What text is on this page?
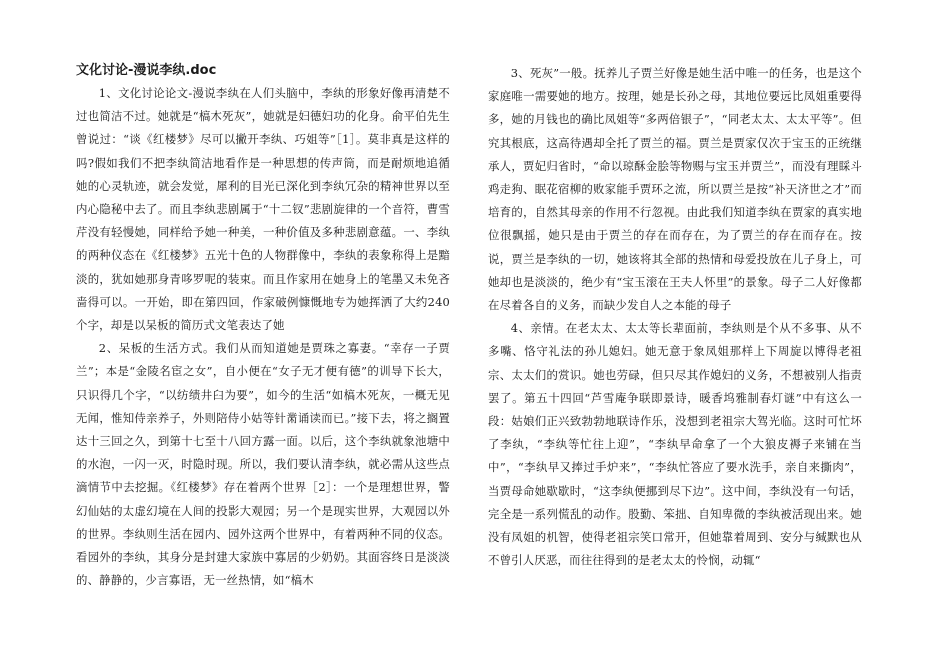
文化讨论-漫说李纨.doc

1、文化讨论论文-漫说李纨在人们头脑中，李纨的形象好像再清楚不过也简洁不过。她就是“槁木死灰”，她就是妇德妇功的化身。俞平伯先生曾说过：“谈《红楼梦》尽可以撇开李纨、巧姐等”［1］。莫非真是这样的吗?假如我们不把李纨简洁地看作是一种思想的传声筒，而是耐烦地追循她的心灵轨迹，就会发觉，犀利的目光已深化到李纨冗杂的精神世界以至内心隐秘中去了。而且李纨悲剧属于“十二钗”悲剧旋律的一个音符，曹雪芹没有轻慢她，同样给予她一种美，一种价值及多种悲剧意蕴。一、李纨的两种仪态在《红楼梦》五光十色的人物群像中，李纨的表象称得上是黯淡的，犹如她那身青哆罗呢的装束。而且作家用在她身上的笔墨又未免吝啬得可以。一开始，即在第四回，作家破例慷慨地专为她挥洒了大约240个字，却是以呆板的简历式文笔表达了她

2、呆板的生活方式。我们从而知道她是贾珠之寡妻。“幸存一子贾兰”；本是“金陵名宦之女”，自小便在“女子无才便有德”的训导下长大，只识得几个字，“以纺绩井臼为要”，如今的生活“如槁木死灰，一概无见无闻，惟知侍亲养子，外则陪侍小姑等针黹诵读而已。”接下去，将之搁置达十三回之久，到第十七至十八回方露一面。以后，这个李纨就象池塘中的水泡，一闪一灭，时隐时现。所以，我们要认清李纨，就必需从这些点滴情节中去挖掘。《红楼梦》存在着两个世界［2］：一个是理想世界，警幻仙姑的太虚幻境在人间的投影大观园；另一个是现实世界，大观园以外的世界。李纨则生活在园内、园外这两个世界中，有着两种不同的仪态。看园外的李纨，其身分是封建大家族中寡居的少奶奶。其面容终日是淡淡的、静静的，少言寡语，无一丝热情，如“槁木

3、死灰”一般。抚养儿子贾兰好像是她生活中唯一的任务，也是这个家庭唯一需要她的地方。按理，她是长孙之母，其地位要远比凤姐重要得多，她的月钱也的确比凤姐等“多两倍银子”，“同老太太、太太平等”。但究其根底，这高待遇却全托了贾兰的福。贾兰是贾家仅次于宝玉的正统继承人，贾妃归省时，“命以琼酥金脍等物赐与宝玉并贾兰”，而没有理睬斗鸡走狗、眠花宿柳的败家能手贾环之流，所以贾兰是按“补天济世之才”而培育的，自然其母亲的作用不行忽视。由此我们知道李纨在贾家的真实地位很飘摇，她只是由于贾兰的存在而存在，为了贾兰的存在而存在。按说，贾兰是李纨的一切，她该将其全部的热情和母爱投放在儿子身上，可她却也是淡淡的，绝少有“宝玉滚在王夫人怀里”的景象。母子二人好像都在尽着各自的义务，而缺少发自人之本能的母子

4、亲情。在老太太、太太等长辈面前，李纨则是个从不多事、从不多嘴、恪守礼法的孙儿媳妇。她无意于象凤姐那样上下周旋以博得老祖宗、太太们的赏识。她也劳碌，但只尽其作媳妇的义务，不想被别人指责罢了。第五十四回“芦雪庵争联即景诗，暖香坞雅制春灯谜”中有这么一段：姑娘们正兴致勃勃地联诗作乐，没想到老祖宗大驾光临。这时可忙坏了李纨，“李纨等忙往上迎”，“李纨早命拿了一个大狼皮褥子来铺在当中”，“李纨早又捧过手炉来”，“李纨忙答应了要水洗手，亲自来撕肉”，当贾母命她歇歇时，“这李纨便挪到尽下边”。这中间，李纨没有一句话，完全是一系列慌乱的动作。股勤、笨拙、自知卑微的李纨被活现出来。她没有凤姐的机智，使得老祖宗笑口常开，但她靠着周到、安分与缄默也从不曾引人厌恶，而往往得到的是老太太的怜悯，动辄“
